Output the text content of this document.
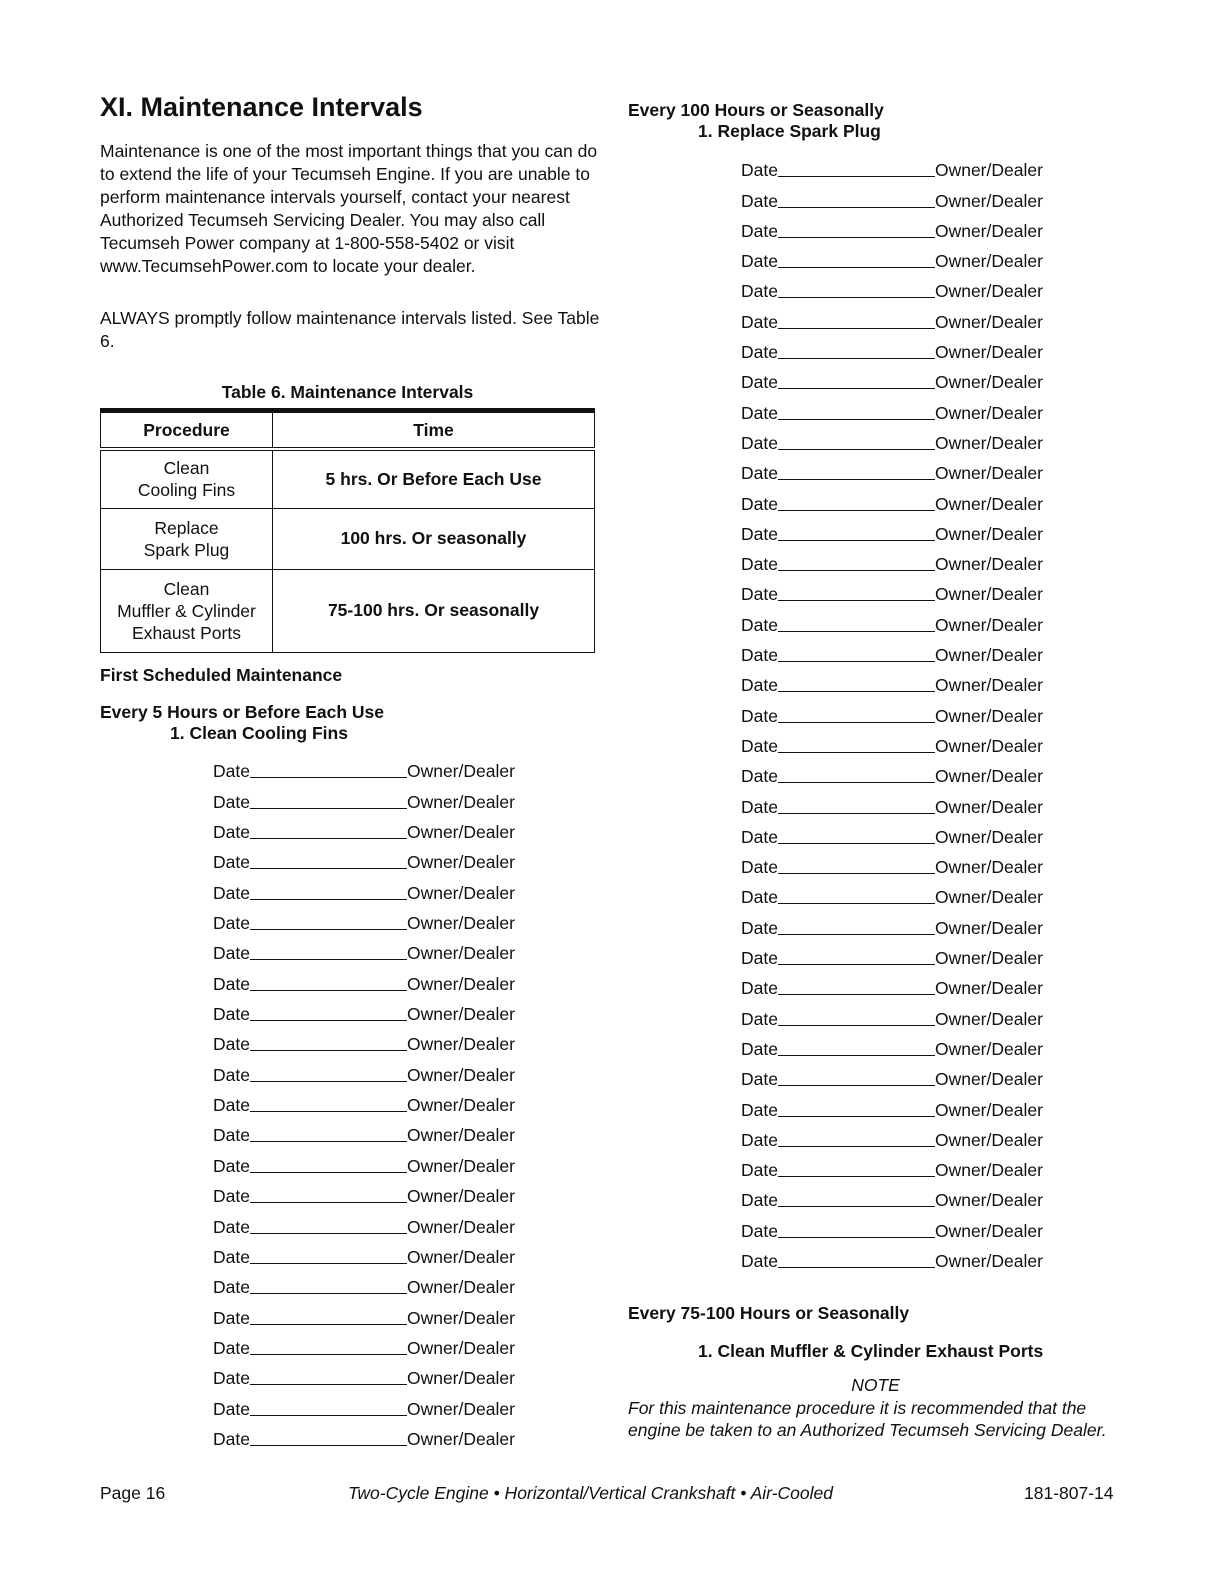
XI. Maintenance Intervals

Maintenance is one of the most important things that you can do to extend the life of your Tecumseh Engine. If you are unable to perform maintenance intervals yourself, contact your nearest Authorized Tecumseh Servicing Dealer. You may also call Tecumseh Power company at 1-800-558-5402 or visit www.TecumsehPower.com to locate your dealer.

ALWAYS promptly follow maintenance intervals listed. See Table 6.

Table 6. Maintenance Intervals
Procedure	Time

Clean
Cooling Fins	5 hrs. Or Before Each Use

Replace
Spark Plug	100 hrs. Or seasonally

Clean
Muffler & Cylinder
Exhaust Ports	75-100 hrs. Or seasonally
First Scheduled Maintenance
Every 5 Hours or Before Each Use
1. Clean Cooling Fins
Date	Owner/Dealer
Date	Owner/Dealer
Date	Owner/Dealer
Date	Owner/Dealer
Date	Owner/Dealer
Date	Owner/Dealer
Date	Owner/Dealer
Date	Owner/Dealer
Date	Owner/Dealer
Date	Owner/Dealer
Date	Owner/Dealer
Date	Owner/Dealer
Date	Owner/Dealer
Date	Owner/Dealer
Date	Owner/Dealer
Date	Owner/Dealer
Date	Owner/Dealer
Date	Owner/Dealer
Date	Owner/Dealer
Date	Owner/Dealer
Date	Owner/Dealer
Date	Owner/Dealer
Date	Owner/Dealer
Every 100 Hours or Seasonally
1. Replace Spark Plug
Date	Owner/Dealer
Date	Owner/Dealer
Date	Owner/Dealer
Date	Owner/Dealer
Date	Owner/Dealer
Date	Owner/Dealer
Date	Owner/Dealer
Date	Owner/Dealer
Date	Owner/Dealer
Date	Owner/Dealer
Date	Owner/Dealer
Date	Owner/Dealer
Date	Owner/Dealer
Date	Owner/Dealer
Date	Owner/Dealer
Date	Owner/Dealer
Date	Owner/Dealer
Date	Owner/Dealer
Date	Owner/Dealer
Date	Owner/Dealer
Date	Owner/Dealer
Date	Owner/Dealer
Date	Owner/Dealer
Date	Owner/Dealer
Date	Owner/Dealer
Date	Owner/Dealer
Date	Owner/Dealer
Date	Owner/Dealer
Date	Owner/Dealer
Date	Owner/Dealer
Date	Owner/Dealer
Date	Owner/Dealer
Date	Owner/Dealer
Date	Owner/Dealer
Date	Owner/Dealer
Date	Owner/Dealer
Date	Owner/Dealer
Every 75-100 Hours or Seasonally
1. Clean Muffler & Cylinder Exhaust Ports
NOTE

For this maintenance procedure it is recommended that the engine be taken to an Authorized Tecumseh Servicing Dealer.

Page 16	Two-Cycle Engine • Horizontal/Vertical Crankshaft • Air-Cooled	181-807-14
